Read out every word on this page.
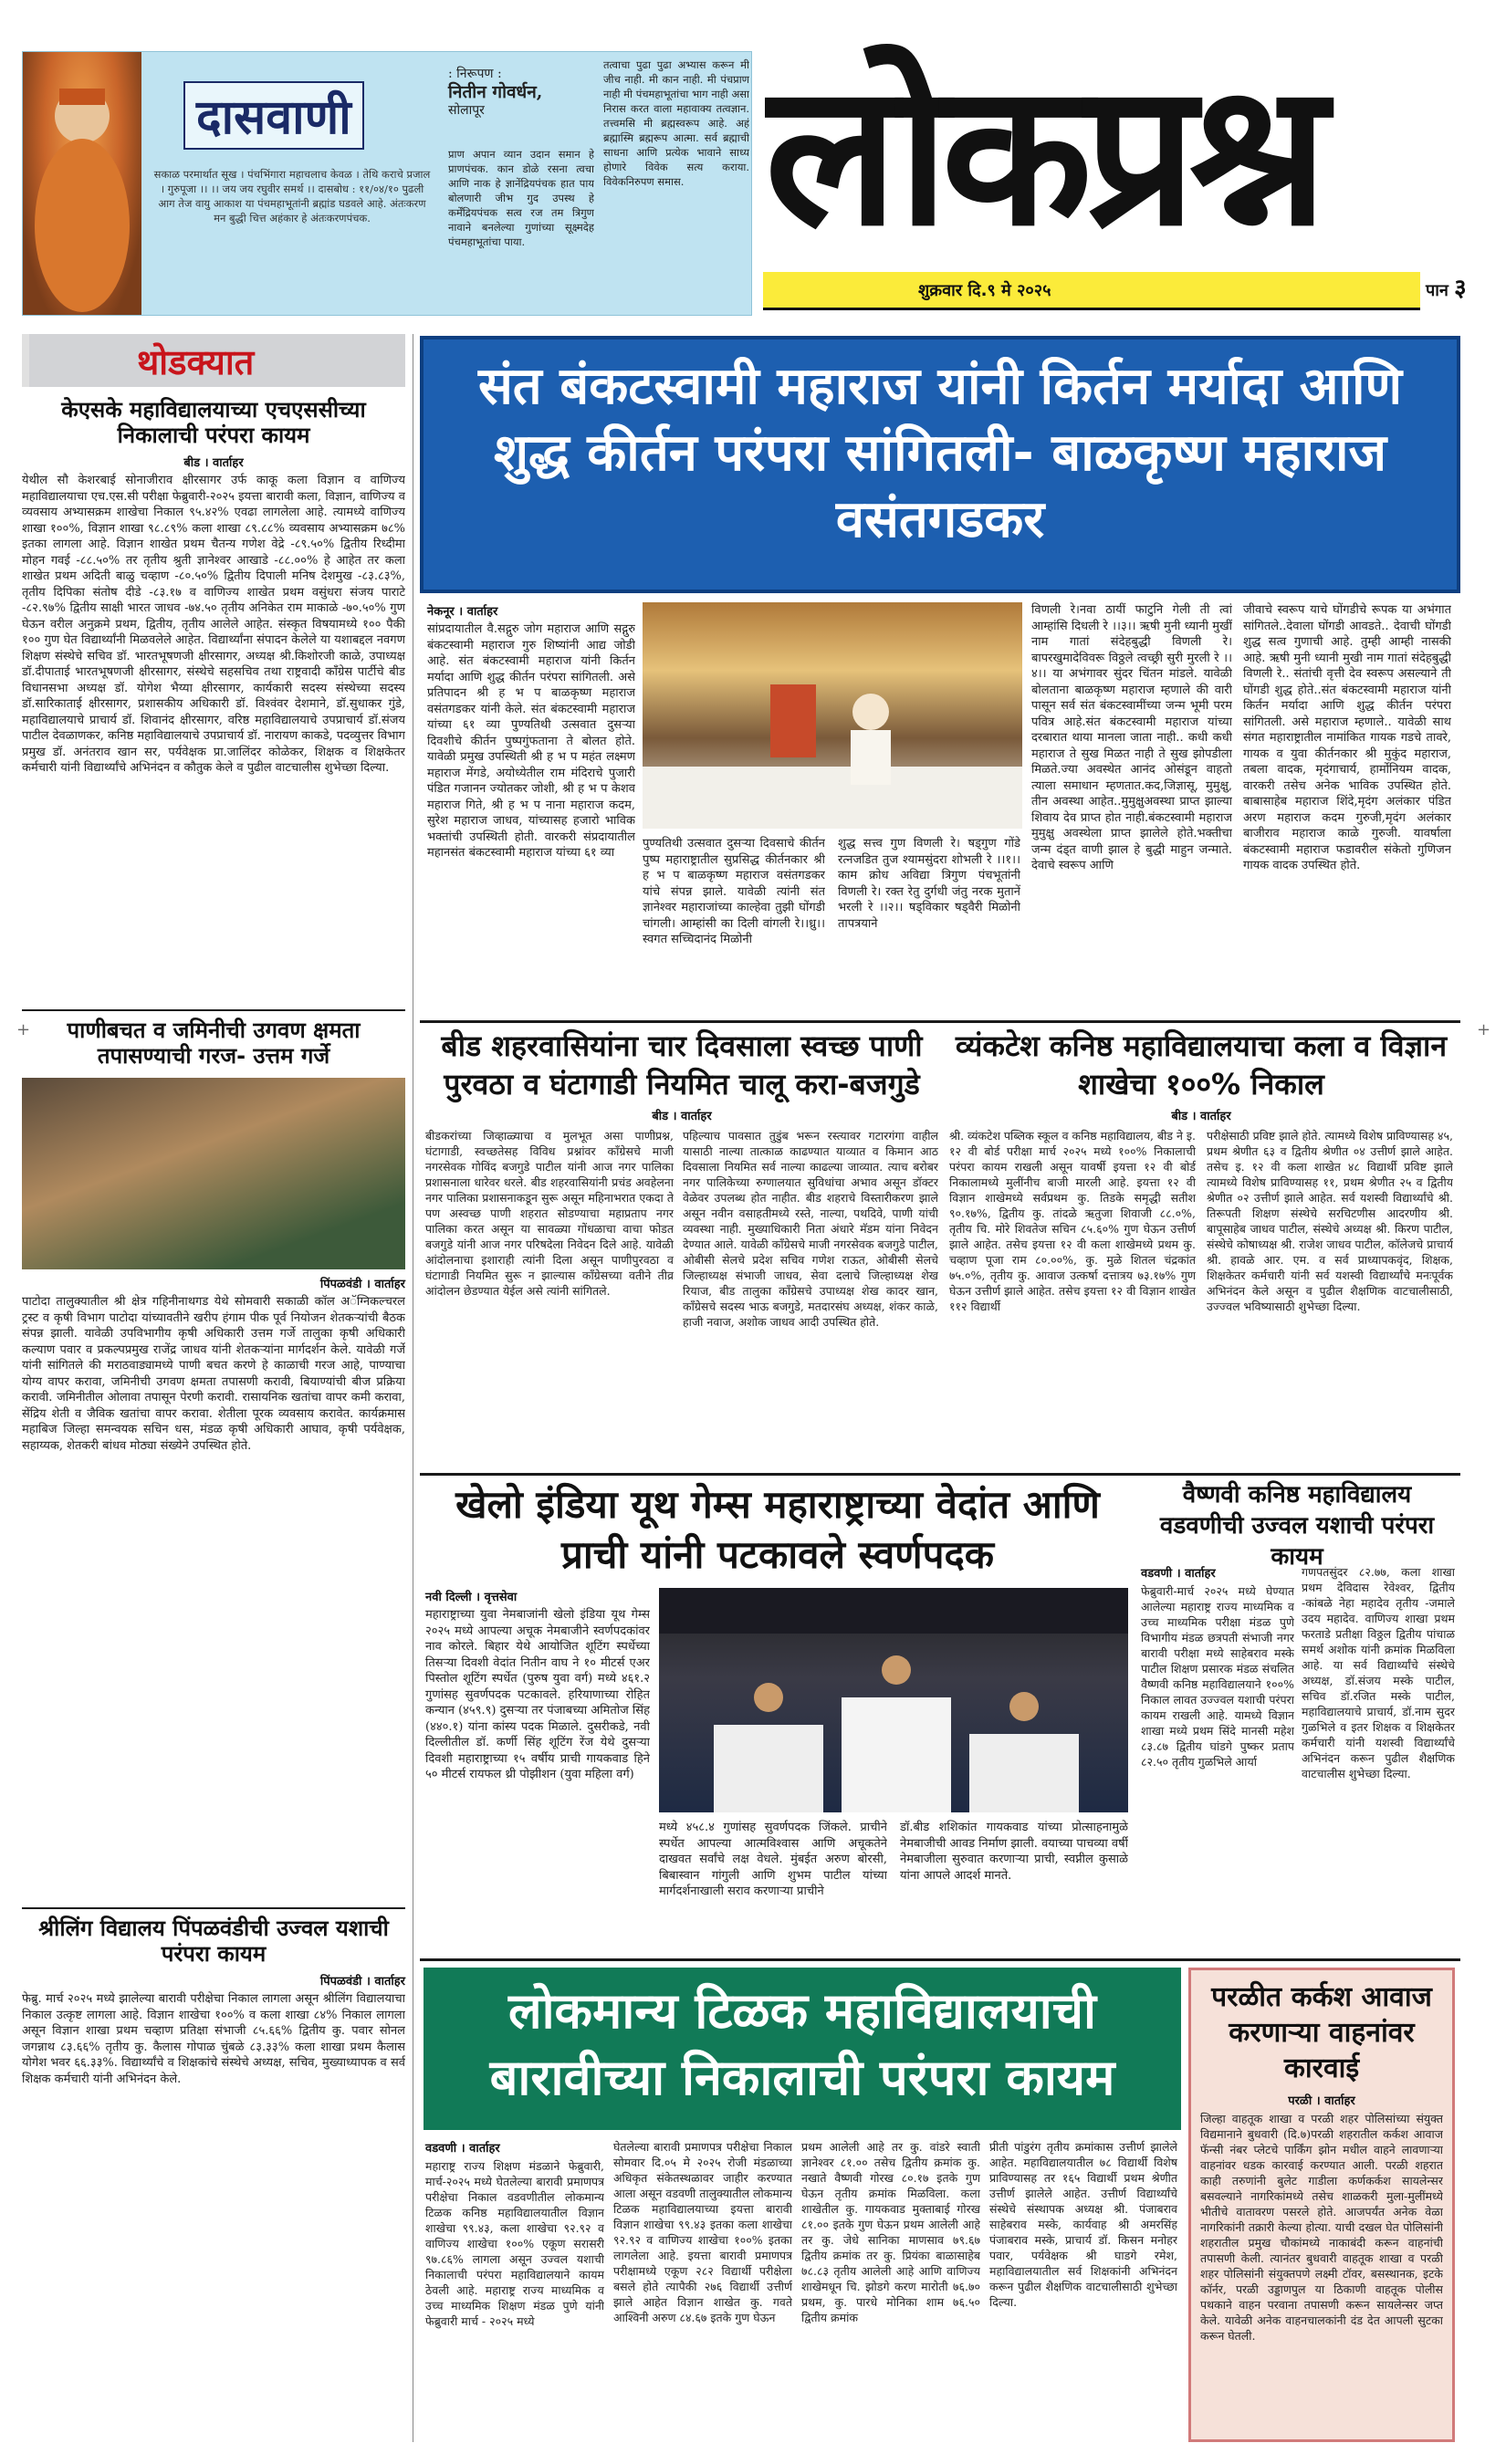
दासवाणी
सकाळ परमार्थात सूख । पंचभिंगारा महाचलाच केवळ । तेथि कराचे प्रजाल । गुरुपूजा ।। ।। जय जय रघुवीर समर्थ ।। दासबोध : ११/०४/१० पुढली आग तेज वायु आकाश या पंचमहाभूतांनी ब्रह्मांड घडवले आहे. अंतःकरण मन बुद्धी चित्त अहंकार हे अंतःकरणपंचक.
: निरूपण :
नितीन गोवर्धन,
सोलापूर
प्राण अपान व्यान उदान समान हे प्राणपंचक. कान डोळे रसना त्वचा आणि नाक हे ज्ञानेंद्रियपंचक हात पाय बोलणारी जीभ गुद उपस्थ हे कर्मेंद्रियपंचक सत्व रज तम त्रिगुण नावाने बनलेल्या गुणांच्या सूक्ष्मदेह पंचमहाभूतांचा पाया.
तत्वाचा पुढा पुढा अभ्यास करून मी जीच नाही. मी कान नाही. मी पंचप्राण नाही मी पंचमहाभूतांचा भाग नाही असा निरास करत वाला महावाक्य तत्वज्ञान. तत्त्वमसि मी ब्रह्मस्वरूप आहे. अहं ब्रह्मास्मि ब्रह्मरूप आत्मा. सर्व ब्रह्माची साधना आणि प्रत्येक भावाने साध्य होणारे विवेक सत्य कराया. विवेकनिरुपण समास. लोकप्रश्न
शुक्रवार दि.९ मे २०२५	पान ३
थोडक्यात
केएसके महाविद्यालयाच्या एचएससीच्या निकालाची परंपरा कायम
बीड । वार्ताहर
येथील सौ केशरबाई सोनाजीराव क्षीरसागर उर्फ काकू कला विज्ञान व वाणिज्य महाविद्यालयाचा एच.एस.सी परीक्षा फेब्रुवारी-२०२५ इयत्ता बारावी कला, विज्ञान, वाणिज्य व व्यवसाय अभ्यासक्रम शाखेचा निकाल ९५.४२% एवढा लागलेला आहे. त्यामध्ये वाणिज्य शाखा १००%, विज्ञान शाखा ९८.८९% कला शाखा ८९.८८% व्यवसाय अभ्यासक्रम ७८% इतका लागला आहे. विज्ञान शाखेत प्रथम चैतन्य गणेश वेद्रे -८९.५०% द्वितीय रिध्दीमा मोहन गवई -८८.५०% तर तृतीय श्रुती ज्ञानेश्वर आखाडे -८८.००% हे आहेत तर कला शाखेत प्रथम अदिती बाळु चव्हाण -८०.५०% द्वितीय दिपाली मनिष देशमुख -८३.८३%, तृतीय दिपिका संतोष दीडे -८३.१७ व वाणिज्य शाखेत प्रथम वसुंधरा संजय पाराटे -८२.९७% द्वितीय साक्षी भारत जाधव -७४.५० तृतीय अनिकेत राम माकाळे -७०.५०% गुण घेऊन वरील अनुक्रमे प्रथम, द्वितीय, तृतीय आलेले आहेत. संस्कृत विषयामध्ये १०० पैकी १०० गुण घेत विद्यार्थ्यांनी मिळवलेले आहेत. विद्यार्थ्यांना संपादन केलेले या यशाबद्दल नवगण शिक्षण संस्थेचे सचिव डॉ. भारतभूषणजी क्षीरसागर, अध्यक्ष श्री.किशोरजी काळे, उपाध्यक्ष डॉ.दीपाताई भारतभूषणजी क्षीरसागर, संस्थेचे सहसचिव तथा राष्ट्रवादी काँग्रेस पार्टीचे बीड विधानसभा अध्यक्ष डॉ. योगेश भैय्या क्षीरसागर, कार्यकारी सदस्य संस्थेच्या सदस्य डॉ.सारिकाताई क्षीरसागर, प्रशासकीय अधिकारी डॉ. विश्वंवर देशमाने, डॉ.सुधाकर गुंडे, महाविद्यालयाचे प्राचार्य डॉ. शिवानंद क्षीरसागर, वरिष्ठ महाविद्यालयाचे उपप्राचार्य डॉ.संजय पाटील देवळाणकर, कनिष्ठ महाविद्यालयाचे उपप्राचार्य डॉ. नारायण काकडे, पदव्युत्तर विभाग प्रमुख डॉ. अनंतराव खान सर, पर्यवेक्षक प्रा.जालिंदर कोळेकर, शिक्षक व शिक्षकेतर कर्मचारी यांनी विद्यार्थ्यांचे अभिनंदन व कौतुक केले व पुढील वाटचालीस शुभेच्छा दिल्या.
पाणीबचत व जमिनीची उगवण क्षमता तपासण्याची गरज- उत्तम गर्जे
पिंपळवंडी । वार्ताहर
पाटोदा तालुक्यातील श्री क्षेत्र गहिनीनाथगड येथे सोमवारी सकाळी कॉल अॅग्निकल्चरल ट्रस्ट व कृषी विभाग पाटोदा यांच्यावतीने खरीप हंगाम पीक पूर्व नियोजन शेतकऱ्यांची बैठक संपन्न झाली. यावेळी उपविभागीय कृषी अधिकारी उत्तम गर्जे तालुका कृषी अधिकारी कल्याण पवार व प्रकल्पप्रमुख राजेंद्र जाधव यांनी शेतकऱ्यांना मार्गदर्शन केले. यावेळी गर्जे यांनी सांगितले की मराठवाड्यामध्ये पाणी बचत करणे हे काळाची गरज आहे, पाण्याचा योग्य वापर करावा, जमिनीची उगवण क्षमता तपासणी करावी, बियाण्यांची बीज प्रक्रिया करावी. जमिनीतील ओलावा तपासून पेरणी करावी. रासायनिक खतांचा वापर कमी करावा, सेंद्रिय शेती व जैविक खतांचा वापर करावा. शेतीला पूरक व्यवसाय करावेत. कार्यक्रमास महाबिज जिल्हा समन्वयक सचिन धस, मंडळ कृषी अधिकारी आघाव, कृषी पर्यवेक्षक, सहाय्यक, शेतकरी बांधव मोठ्या संख्येने उपस्थित होते.
श्रीलिंग विद्यालय पिंपळवंडीची उज्वल यशाची परंपरा कायम
पिंपळवंडी । वार्ताहर
फेब्रु. मार्च २०२५ मध्ये झालेल्या बारावी परीक्षेचा निकाल लागला असून श्रीलिंग विद्यालयाचा निकाल उत्कृष्ट लागला आहे. विज्ञान शाखेचा १००% व कला शाखा ८४% निकाल लागला असून विज्ञान शाखा प्रथम चव्हाण प्रतिक्षा संभाजी ८५.६६% द्वितीय कु. पवार सोनल जगन्नाथ ८३.६६% तृतीय कु. कैलास गोपाळ चुंबळे ८३.३३% कला शाखा प्रथम कैलास योगेश भवर ६६.३३%. विद्यार्थ्यांचे व शिक्षकांचे संस्थेचे अध्यक्ष, सचिव, मुख्याध्यापक व सर्व शिक्षक कर्मचारी यांनी अभिनंदन केले.
संत बंकटस्वामी महाराज यांनी किर्तन मर्यादा आणि शुद्ध कीर्तन परंपरा सांगितली- बाळकृष्ण महाराज वसंतगडकर
नेकनूर । वार्ताहर
सांप्रदायातील वै.सद्गुरु जोग महाराज आणि सद्गुरु बंकटस्वामी महाराज गुरु शिष्यांनी आद्य जोडी आहे. संत बंकटस्वामी महाराज यांनी किर्तन मर्यादा आणि शुद्ध कीर्तन परंपरा सांगितली. असे प्रतिपादन श्री ह भ प बाळकृष्ण महाराज वसंतगडकर यांनी केले. संत बंकटस्वामी महाराज यांच्या ६१ व्या पुण्यतिथी उत्सवात दुसऱ्या दिवशीचे कीर्तन पुष्पगुंफताना ते बोलत होते. यावेळी प्रमुख उपस्थिती श्री ह भ प महंत लक्ष्मण महाराज मेंगडे, अयोध्येतील राम मंदिराचे पुजारी पंडित गजानन ज्योतकर जोशी, श्री ह भ प केशव महाराज गिते, श्री ह भ प नाना महाराज कदम, सुरेश महाराज जाधव, यांच्यासह हजारो भाविक भक्तांची उपस्थिती होती. वारकरी संप्रदायातील महानसंत बंकटस्वामी महाराज यांच्या ६१ व्या
पुण्यतिथी उत्सवात दुसऱ्या दिवसाचे कीर्तन पुष्प महाराष्ट्रातील सुप्रसिद्ध कीर्तनकार श्री ह भ प बाळकृष्ण महाराज वसंतगडकर यांचे संपन्न झाले. यावेळी त्यांनी संत ज्ञानेश्वर महाराजांच्या काल्हेवा तुझी घोंगडी चांगली। आम्हांसी का दिली वांगली रे।।ध्रु।। स्वगत सच्चिदानंद मिळोनी
शुद्ध सत्त्व गुण विणली रे। षड्गुण गोंडे रत्नजडित तुज श्यामसुंदरा शोभली रे ।।१।। काम क्रोध अविद्या त्रिगुण पंचभूतांनी विणली रे। रक्त रेतु दुर्गधी जंतु नरक मुतानें भरली रे ।।२।। षड्विकार षड्वैरी मिळोनी तापत्रयाने
विणली रे।नवा ठायीं फाटुनि गेली ती त्वां आम्हांसि दिधली रे ।।३।। ऋषी मुनी ध्यानी मुखीं नाम गातां संदेहबुद्धी विणली रे।बापरखुमादेविवरू विठ्ठले त्वच्छ्री सुरी मुरली रे ।।४।। या अभंगावर सुंदर चिंतन मांडले. यावेळी बोलताना बाळकृष्ण महाराज म्हणाले की वारी पासून सर्व संत बंकटस्वामींच्या जन्म भूमी परम पवित्र आहे.संत बंकटस्वामी महाराज यांच्या दरबारात थाया मानला जाता नाही.. कधी कधी महाराज ते सुख मिळत नाही ते सुख झोपडीला मिळते.ज्या अवस्थेत आनंद ओसंडून वाहतो त्याला समाधान म्हणतात.कद,जिज्ञासू, मुमुक्षु, तीन अवस्था आहेत..मुमुक्षुअवस्था प्राप्त झाल्या शिवाय देव प्राप्त होत नाही.बंकटस्वामी महाराज मुमुक्षु अवस्थेला प्राप्त झालेले होते.भक्तीचा जन्म दंड्त वाणी झाल हे बुद्धी माहुन जन्माते. देवाचे स्वरूप आणि
जीवाचे स्वरूप याचे घोंगडीचे रूपक या अभंगात सांगितले..देवाला घोंगडी आवडते.. देवाची घोंगडी शुद्ध सत्व गुणाची आहे. तुम्ही आम्ही नासकी आहे. ऋषी मुनी ध्यानी मुखी नाम गातां संदेहबुद्धी विणली रे.. संतांची वृत्ती देव स्वरूप असल्याने ती घोंगडी शुद्ध होते..संत बंकटस्वामी महाराज यांनी किर्तन मर्यादा आणि शुद्ध कीर्तन परंपरा सांगितली. असे महाराज म्हणाले.. यावेळी साथ संगत महाराष्ट्रातील नामांकित गायक गडचे तावरे, गायक व युवा कीर्तनकार श्री मुकुंद महाराज, तबला वादक, मृदंगाचार्य, हार्मोनियम वादक, वारकरी तसेच अनेक भाविक उपस्थित होते. बाबासाहेब महाराज शिंदे,मृदंग अलंकार पंडित अरण महाराज कदम गुरुजी,मृदंग अलंकार बाजीराव महाराज काळे गुरुजी. यावर्षाला बंकटस्वामी महाराज फडावरील संकेतो गुणिजन गायक वादक उपस्थित होते.
बीड शहरवासियांना चार दिवसाला स्वच्छ पाणी पुरवठा व घंटागाडी नियमित चालू करा-बजगुडे
बीड । वार्ताहर
बीडकरांच्या जिव्हाळ्याचा व मुलभूत असा पाणीप्रश्न, घंटागाडी, स्वच्छतेसह विविध प्रश्नांवर काँग्रेसचे माजी नगरसेवक गोविंद बजगुडे पाटील यांनी आज नगर पालिका प्रशासनाला धारेवर धरले. बीड शहरवासियांनी प्रचंड अवहेलना नगर पालिका प्रशासनाकडून सुरू असून महिनाभरात एकदा ते पण अस्वच्छ पाणी शहरात सोडण्याचा महाप्रताप नगर पालिका करत असून या सावळ्या गोंधळाचा वाचा फोडत बजगुडे यांनी आज नगर परिषदेला निवेदन दिले आहे. यावेळी आंदोलनाचा इशाराही त्यांनी दिला असून पाणीपुरवठा व घंटागाडी नियमित सुरू न झाल्यास काँग्रेसच्या वतीने तीव्र आंदोलन छेडण्यात येईल असे त्यांनी सांगितले.
पहिल्याच पावसात तुडुंब भरून रस्त्यावर गटारगंगा वाहील यासाठी नाल्या तात्काळ काढण्यात याव्यात व किमान आठ दिवसाला नियमित सर्व नाल्या काढल्या जाव्यात. त्याच बरोबर नगर पालिकेच्या रुग्णालयात सुविधांचा अभाव असून डॉक्टर वेळेवर उपलब्ध होत नाहीत. बीड शहराचे विस्तारीकरण झाले असून नवीन वसाहतीमध्ये रस्ते, नाल्या, पथदिवे, पाणी यांची व्यवस्था नाही. मुख्याधिकारी निता अंधारे मॅडम यांना निवेदन देण्यात आले. यावेळी काँग्रेसचे माजी नगरसेवक बजगुडे पाटील, ओबीसी सेलचे प्रदेश सचिव गणेश राऊत, ओबीसी सेलचे जिल्हाध्यक्ष संभाजी जाधव, सेवा दलाचे जिल्हाध्यक्ष शेख रियाज, बीड तालुका काँग्रेसचे उपाध्यक्ष शेख कादर खान, काँग्रेसचे सदस्य भाऊ बजगुडे, मतदारसंघ अध्यक्ष, शंकर काळे, हाजी नवाज, अशोक जाधव आदी उपस्थित होते.
व्यंकटेश कनिष्ठ महाविद्यालयाचा कला व विज्ञान शाखेचा १००% निकाल
बीड । वार्ताहर
श्री. व्यंकटेश पब्लिक स्कूल व कनिष्ठ महाविद्यालय, बीड ने इ. १२ वी बोर्ड परीक्षा मार्च २०२५ मध्ये १००% निकालाची परंपरा कायम राखली असून यावर्षी इयत्ता १२ वी बोर्ड निकालामध्ये मुलींनीच बाजी मारली आहे. इयत्ता १२ वी विज्ञान शाखेमध्ये सर्वप्रथम कु. तिडके समृद्धी सतीश ९०.१७%, द्वितीय कु. तांदळे ऋतुजा शिवाजी ८८.०%, तृतीय चि. मोरे शिवतेज सचिन ८५.६०% गुण घेऊन उत्तीर्ण झाले आहेत. तसेच इयत्ता १२ वी कला शाखेमध्ये प्रथम कु. चव्हाण पूजा राम ८०.००%, कु. मुळे शितल चंद्रकांत ७५.०%, तृतीय कु. आवाज उत्कर्षा दत्तात्रय ७३.१७% गुण घेऊन उत्तीर्ण झाले आहेत. तसेच इयत्ता १२ वी विज्ञान शाखेत ११२ विद्यार्थी
परीक्षेसाठी प्रविष्ट झाले होते. त्यामध्ये विशेष प्राविण्यासह ४५, प्रथम श्रेणीत ६३ व द्वितीय श्रेणीत ०४ उत्तीर्ण झाले आहेत. तसेच इ. १२ वी कला शाखेत ४८ विद्यार्थी प्रविष्ट झाले त्यामध्ये विशेष प्राविण्यासह ११, प्रथम श्रेणीत २५ व द्वितीय श्रेणीत ०२ उत्तीर्ण झाले आहेत. सर्व यशस्वी विद्यार्थ्यांचे श्री. तिरूपती शिक्षण संस्थेचे सरचिटणीस आदरणीय श्री. बापूसाहेब जाधव पाटील, संस्थेचे अध्यक्ष श्री. किरण पाटील, संस्थेचे कोषाध्यक्ष श्री. राजेश जाधव पाटील, कॉलेजचे प्राचार्य श्री. हावळे आर. एम. व सर्व प्राध्यापकवृंद, शिक्षक, शिक्षकेतर कर्मचारी यांनी सर्व यशस्वी विद्यार्थ्यांचे मनःपूर्वक अभिनंदन केले असून व पुढील शैक्षणिक वाटचालीसाठी, उज्ज्वल भविष्यासाठी शुभेच्छा दिल्या.
खेलो इंडिया यूथ गेम्स महाराष्ट्राच्या वेदांत आणि प्राची यांनी पटकावले स्वर्णपदक
नवी दिल्ली । वृत्तसेवा
महाराष्ट्राच्या युवा नेमबाजांनी खेलो इंडिया यूथ गेम्स २०२५ मध्ये आपल्या अचूक नेमबाजीने स्वर्णपदकांवर नाव कोरले. बिहार येथे आयोजित शूटिंग स्पर्धेच्या तिसऱ्या दिवशी वेदांत नितीन वाघ ने १० मीटर्स एअर पिस्तोल शूटिंग स्पर्धेत (पुरुष युवा वर्ग) मध्ये ४६१.२ गुणांसह सुवर्णपदक पटकावले. हरियाणाच्या रोहित कन्यान (४५९.९) दुसऱ्या तर पंजाबच्या अमितोज सिंह (४४०.१) यांना कांस्य पदक मिळाले. दुसरीकडे, नवी दिल्लीतील डॉ. कर्णी सिंह शूटिंग रेंज येथे दुसऱ्या दिवशी महाराष्ट्राच्या १५ वर्षीय प्राची गायकवाड हिने ५० मीटर्स रायफल थ्री पोझीशन (युवा महिला वर्ग)
मध्ये ४५८.४ गुणांसह सुवर्णपदक जिंकले. प्राचीने स्पर्धेत आपल्या आत्मविश्वास आणि अचूकतेने दाखवत सर्वांचे लक्ष वेधले. मुंबईत अरुण बोरसी, बिबास्वान गांगुली आणि शुभम पाटील यांच्या मार्गदर्शनाखाली सराव करणाऱ्या प्राचीने
डॉ.बीड शशिकांत गायकवाड यांच्या प्रोत्साहनामुळे नेमबाजीची आवड निर्माण झाली. वयाच्या पाचव्या वर्षी नेमबाजीला सुरुवात करणाऱ्या प्राची, स्वप्नील कुसाळे यांना आपले आदर्श मानते.
वैष्णवी कनिष्ठ महाविद्यालय वडवणीची उज्वल यशाची परंपरा कायम
वडवणी । वार्ताहर
फेब्रुवारी-मार्च २०२५ मध्ये घेण्यात आलेल्या महाराष्ट्र राज्य माध्यमिक व उच्च माध्यमिक परीक्षा मंडळ पुणे विभागीय मंडळ छत्रपती संभाजी नगर बारावी परीक्षा मध्ये साहेबराव मस्के पाटील शिक्षण प्रसारक मंडळ संचलित वैष्णवी कनिष्ठ महाविद्यालयाने १००% निकाल लावत उज्ज्वल यशाची परंपरा कायम राखली आहे. यामध्ये विज्ञान शाखा मध्ये प्रथम सिंदे मानसी महेश ८३.८७ द्वितीय घांडगे पुष्कर प्रताप ८२.५० तृतीय गुळभिले आर्या
गणपतसुंदर ८२.७७, कला शाखा प्रथम देविदास रेवेश्वर, द्वितीय -कांबळे नेहा महादेव तृतीय -जमाले उदय महादेव. वाणिज्य शाखा प्रथम फरताडे प्रतीक्षा विठ्ठल द्वितीय पांचाळ समर्थ अशोक यांनी क्रमांक मिळविला आहे. या सर्व विद्यार्थ्यांचे संस्थेचे अध्यक्ष, डॉ.संजय मस्के पाटील, सचिव डॉ.रजित मस्के पाटील, महाविद्यालयाचे प्राचार्य, डॉ.नाम सुदर गुळभिले व इतर शिक्षक व शिक्षकेतर कर्मचारी यांनी यशस्वी विद्यार्थ्यांचे अभिनंदन करून पुढील शैक्षणिक वाटचालीस शुभेच्छा दिल्या.
लोकमान्य टिळक महाविद्यालयाची बारावीच्या निकालाची परंपरा कायम
वडवणी । वार्ताहर
महाराष्ट्र राज्य शिक्षण मंडळाने फेब्रुवारी, मार्च-२०२५ मध्ये घेतलेल्या बारावी प्रमाणपत्र परीक्षेचा निकाल वडवणीतील लोकमान्य टिळक कनिष्ठ महाविद्यालयातील विज्ञान शाखेचा ९९.४३, कला शाखेचा ९२.९२ व वाणिज्य शाखेचा १००% एकूण सरासरी ९७.८६% लागला असून उज्वल यशाची निकालाची परंपरा महाविद्यालयाने कायम ठेवली आहे. महाराष्ट्र राज्य माध्यमिक व उच्च माध्यमिक शिक्षण मंडळ पुणे यांनी फेब्रुवारी मार्च - २०२५ मध्ये
घेतलेल्या बारावी प्रमाणपत्र परीक्षेचा निकाल सोमवार दि.०५ मे २०२५ रोजी मंडळाच्या अधिकृत संकेतस्थळावर जाहीर करण्यात आला असून वडवणी तालुक्यातील लोकमान्य टिळक महाविद्यालयाच्या इयत्ता बारावी विज्ञान शाखेचा ९९.४३ इतका कला शाखेचा ९२.९२ व वाणिज्य शाखेचा १००% इतका लागलेला आहे. इयत्ता बारावी प्रमाणपत्र परीक्षामध्ये एकूण २८२ विद्यार्थी परीक्षेला बसले होते त्यापैकी २७६ विद्यार्थी उत्तीर्ण झाले आहेत विज्ञान शाखेत कु. गवते आश्विनी अरुण ८४.६७ इतके गुण घेऊन
प्रथम आलेली आहे तर कु. वांडरे स्वाती ज्ञानेश्वर ८१.०० तसेच द्वितीय क्रमांक कु. नखाते वैष्णवी गोरख ८०.१७ इतके गुण घेऊन तृतीय क्रमांक मिळविला. कला शाखेतील कु. गायकवाड मुक्ताबाई गोरख ८१.०० इतके गुण घेऊन प्रथम आलेली आहे तर कु. जेधे सानिका माणसाव ७९.६७ द्वितीय क्रमांक तर कु. प्रियंका बाळासाहेब ७८.८३ तृतीय आलेली आहे आणि वाणिज्य शाखेमधून चि. झोडगे करण मारोती ७६.७० प्रथम, कु. पारधे मोनिका शाम ७६.५० द्वितीय क्रमांक
प्रीती पांडुरंग तृतीय क्रमांकास उत्तीर्ण झालेले आहेत. महाविद्यालयातील ७८ विद्यार्थी विशेष प्राविण्यासह तर १६५ विद्यार्थी प्रथम श्रेणीत उत्तीर्ण झालेले आहेत. उत्तीर्ण विद्यार्थ्यांचे संस्थेचे संस्थापक अध्यक्ष श्री. पंजाबराव साहेबराव मस्के, कार्यवाह श्री अमरसिंह पंजाबराव मस्के, प्राचार्य डॉ. किसन मनोहर पवार, पर्यवेक्षक श्री घाडगे रमेश, महाविद्यालयातील सर्व शिक्षकांनी अभिनंदन करून पुढील शैक्षणिक वाटचालीसाठी शुभेच्छा दिल्या.
परळीत कर्कश आवाज करणाऱ्या वाहनांवर कारवाई
परळी । वार्ताहर
जिल्हा वाहतूक शाखा व परळी शहर पोलिसांच्या संयुक्त विद्यमानाने बुधवारी (दि.७)परळी शहरातील कर्कश आवाज फॅन्सी नंबर प्लेटचे पार्किंग झोन मधील वाहने लावणाऱ्या वाहनांवर धडक कारवाई करण्यात आली. परळी शहरात काही तरुणांनी बुलेट गाडीला कर्णकर्कश सायलेन्सर बसवल्याने नागरिकांमध्ये तसेच शाळकरी मुला-मुलींमध्ये भीतीचे वातावरण पसरले होते. आजपर्यंत अनेक वेळा नागरिकांनी तक्रारी केल्या होत्या. याची दखल घेत पोलिसांनी शहरातील प्रमुख चौकांमध्ये नाकाबंदी करून वाहनांची तपासणी केली. त्यानंतर बुधवारी वाहतूक शाखा व परळी शहर पोलिसांनी संयुक्तपणे लक्ष्मी टॉवर, बसस्थानक, इटके कॉर्नर, परळी उड्डाणपुल या ठिकाणी वाहतूक पोलीस पथकाने वाहन परवाना तपासणी करून सायलेन्सर जप्त केले. यावेळी अनेक वाहनचालकांनी दंड देत आपली सुटका करून घेतली.
+	+
